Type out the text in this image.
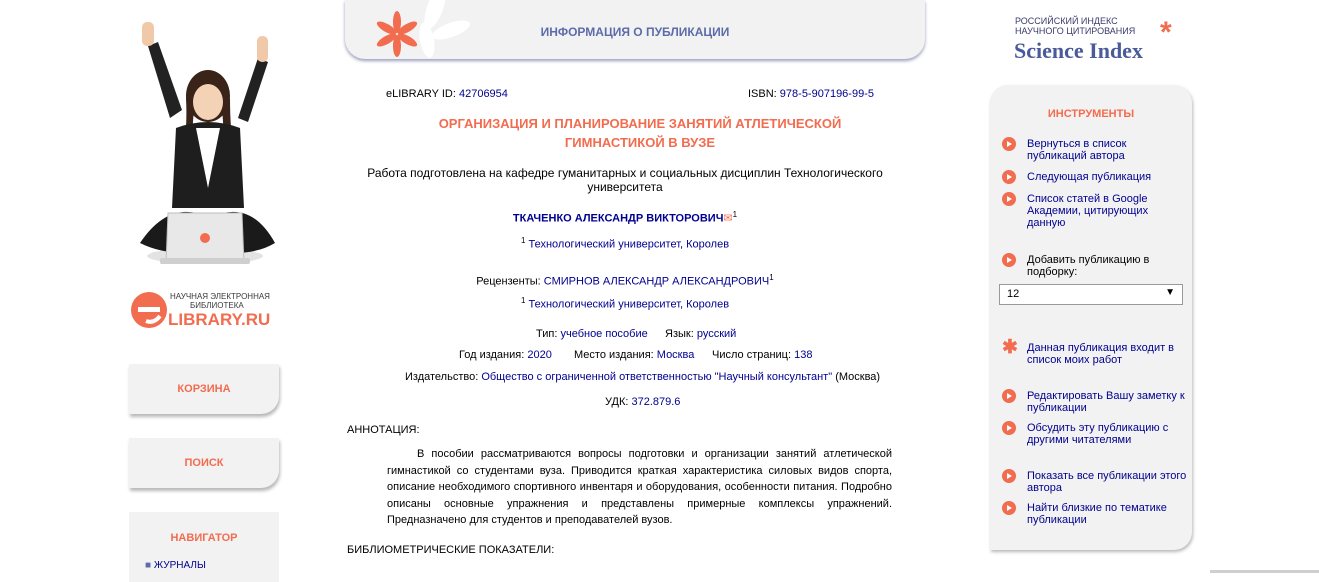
НАУЧНАЯ ЭЛЕКТРОННАЯ
БИБЛИОТЕКА
LIBRARY.RU
КОРЗИНА
ПОИСК
НАВИГАТОР
■ ЖУРНАЛЫ
ИНФОРМАЦИЯ О ПУБЛИКАЦИИ
РОССИЙСКИЙ ИНДЕКС
НАУЧНОГО ЦИТИРОВАНИЯ
Science Index
*
eLIBRARY ID: 42706954	ISBN: 978-5-907196-99-5
ОРГАНИЗАЦИЯ И ПЛАНИРОВАНИЕ ЗАНЯТИЙ АТЛЕТИЧЕСКОЙ
ГИМНАСТИКОЙ В ВУЗЕ
Работа подготовлена на кафедре гуманитарных и социальных дисциплин Технологического университета
ТКАЧЕНКО АЛЕКСАНДР ВИКТОРОВИЧ✉$^1$
$^1$ Технологический университет, Королев
Рецензенты: СМИРНОВ АЛЕКСАНДР АЛЕКСАНДРОВИЧ$^1$
$^1$ Технологический университет, Королев
Тип: учебное пособие Язык: русский
Год издания: 2020 Место издания: Москва Число страниц: 138
Издательство: Общество с ограниченной ответственностью "Научный консультант" (Москва)
УДК: 372.879.6
АННОТАЦИЯ:
В пособии рассматриваются вопросы подготовки и организации занятий атлетической гимнастикой со студентами вуза. Приводится краткая характеристика силовых видов спорта, описание необходимого спортивного инвентаря и оборудования, особенности питания. Подробно описаны основные упражнения и представлены примерные комплексы упражнений. Предназначено для студентов и преподавателей вузов.
БИБЛИОМЕТРИЧЕСКИЕ ПОКАЗАТЕЛИ:
ИНСТРУМЕНТЫ
Вернуться в список публикаций автора
Следующая публикация
Список статей в Google Академии, цитирующих данную
Добавить публикацию в подборку:
12	▼
✱ Данная публикация входит в список моих работ
Редактировать Вашу заметку к публикации
Обсудить эту публикацию с другими читателями
Показать все публикации этого автора
Найти близкие по тематике публикации
